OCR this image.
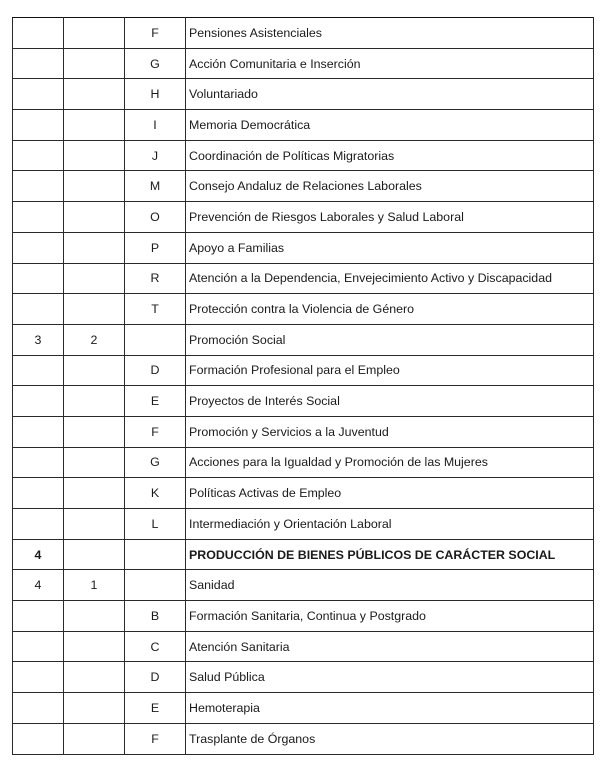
		F	Pensiones Asistenciales
		G	Acción Comunitaria e Inserción
		H	Voluntariado
		I	Memoria Democrática
		J	Coordinación de Políticas Migratorias
		M	Consejo Andaluz de Relaciones Laborales
		O	Prevención de Riesgos Laborales y Salud Laboral
		P	Apoyo a Familias
		R	Atención a la Dependencia, Envejecimiento Activo y Discapacidad
		T	Protección contra la Violencia de Género
3	2		Promoción Social
		D	Formación Profesional para el Empleo
		E	Proyectos de Interés Social
		F	Promoción y Servicios a la Juventud
		G	Acciones para la Igualdad y Promoción de las Mujeres
		K	Políticas Activas de Empleo
		L	Intermediación y Orientación Laboral
4			PRODUCCIÓN DE BIENES PÚBLICOS DE CARÁCTER SOCIAL
4	1		Sanidad
		B	Formación Sanitaria, Continua y Postgrado
		C	Atención Sanitaria
		D	Salud Pública
		E	Hemoterapia
		F	Trasplante de Órganos
